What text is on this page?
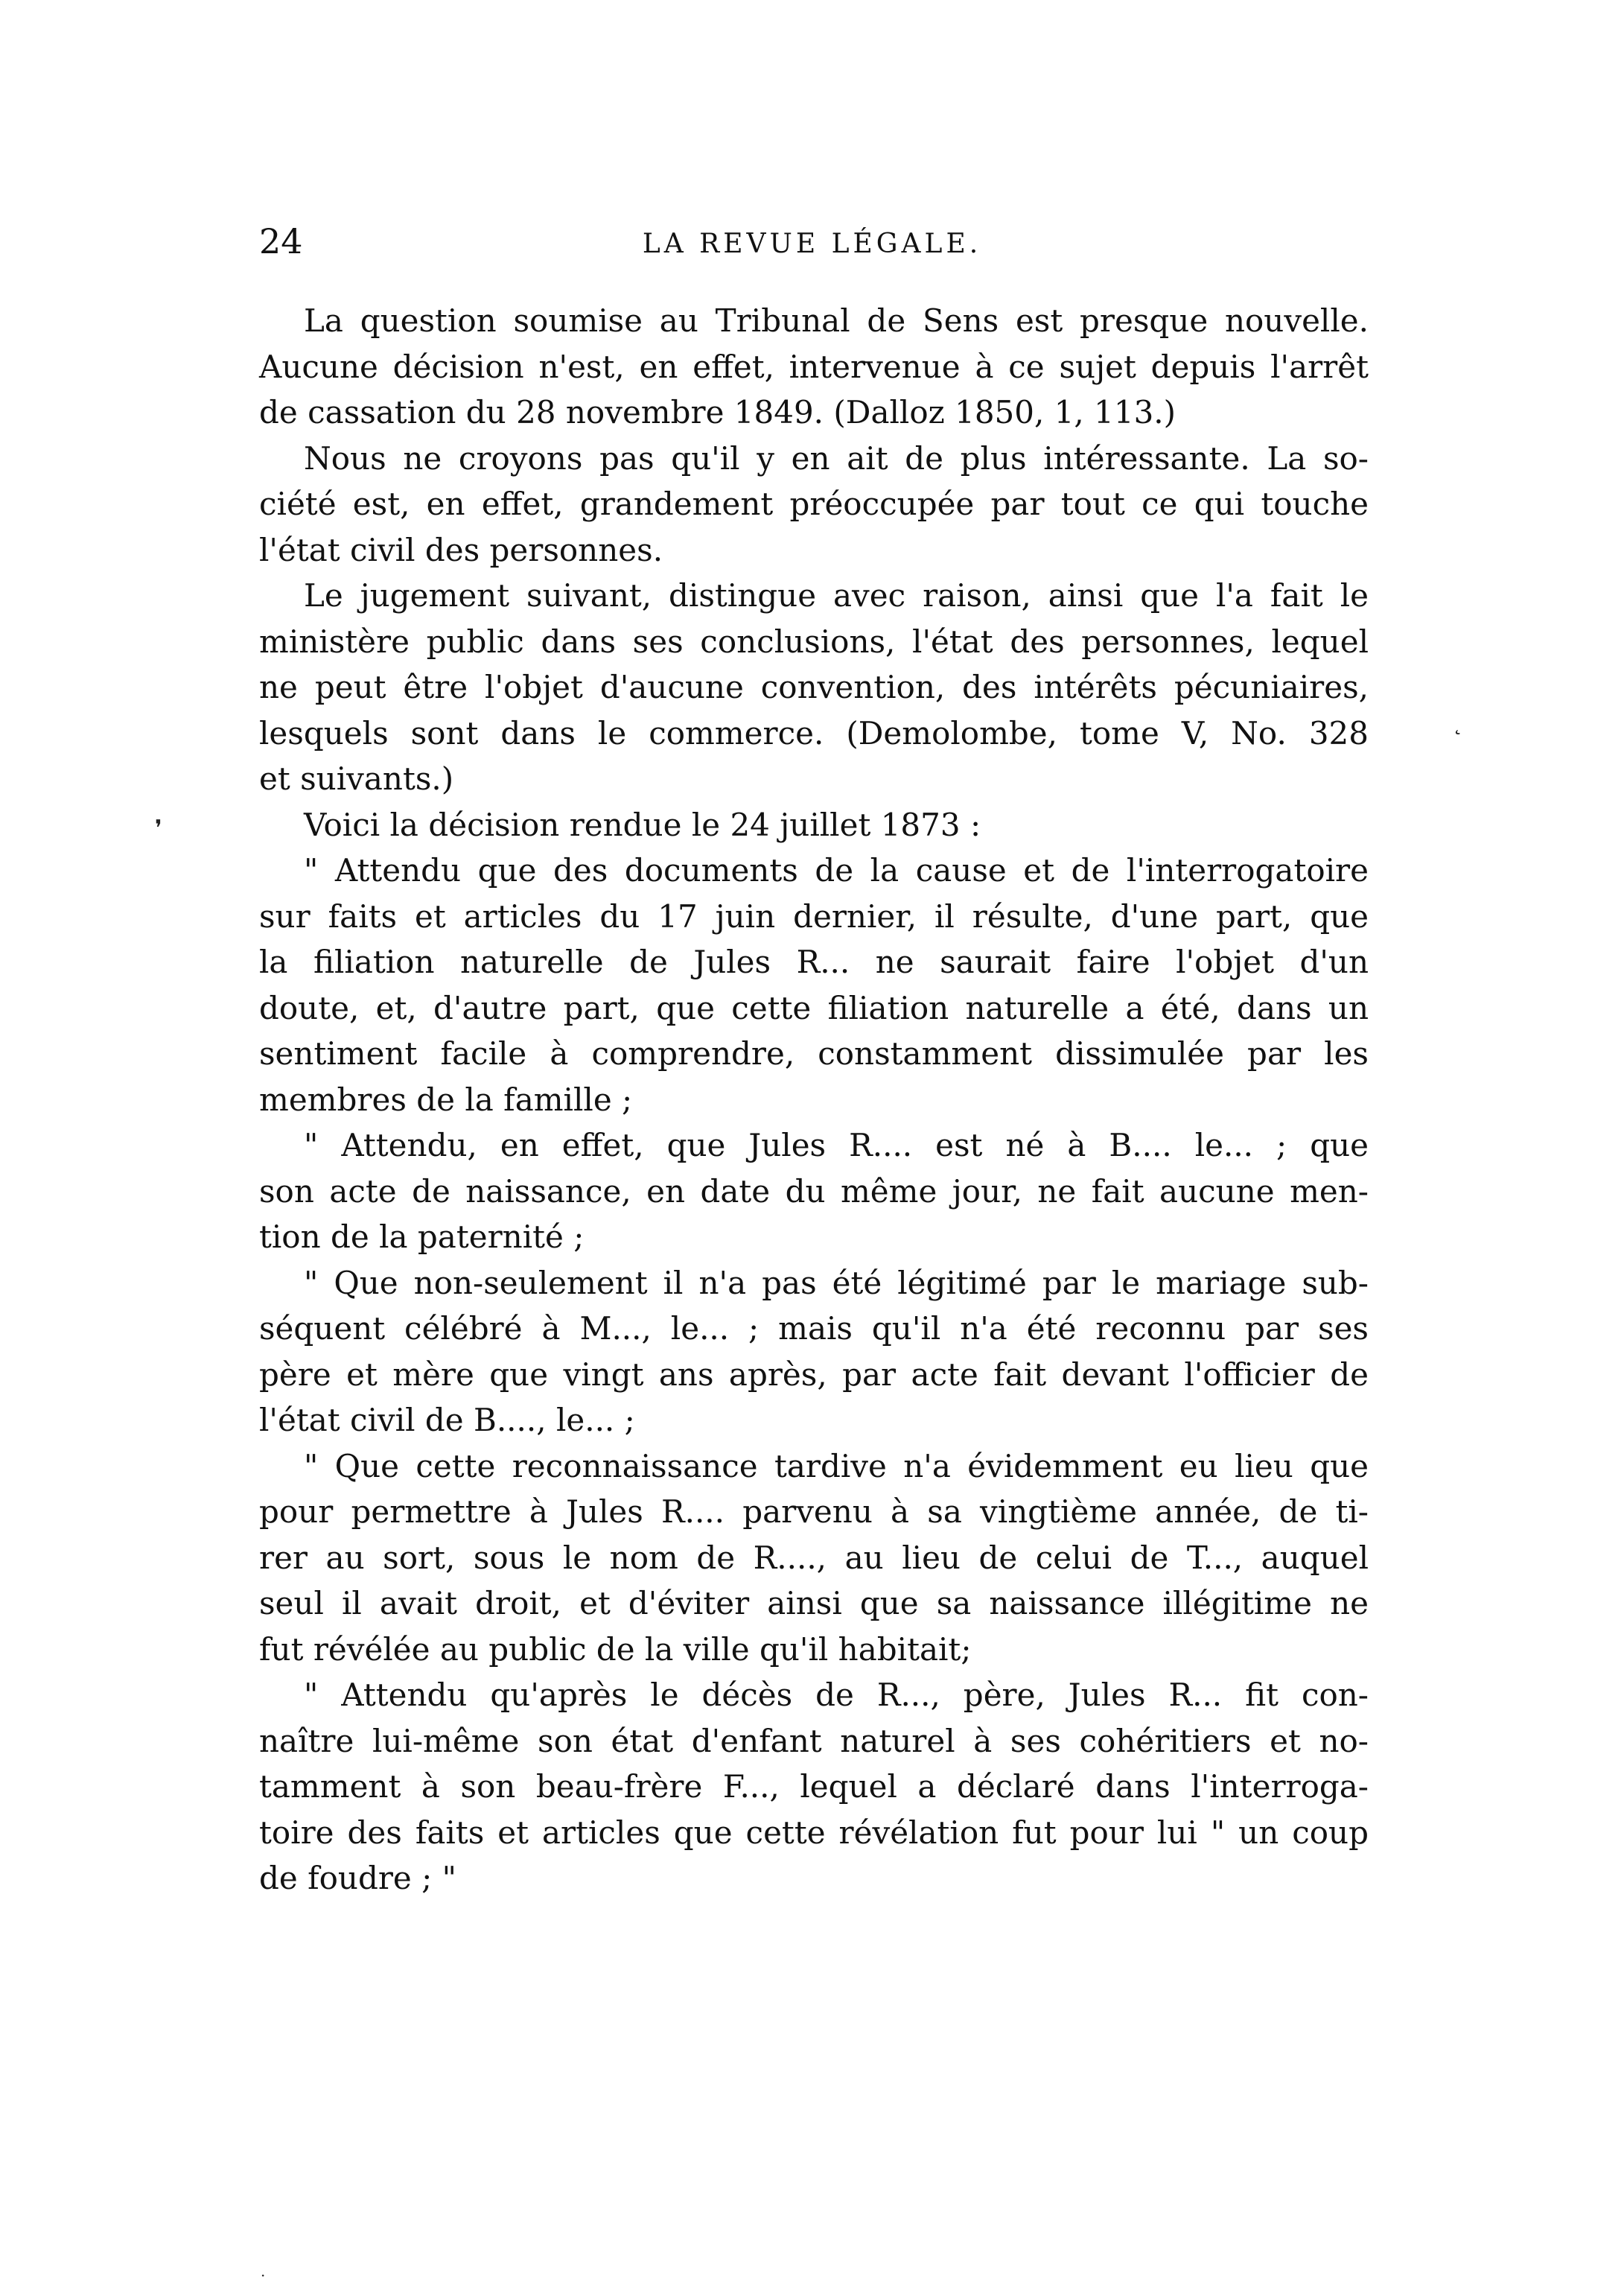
24	LA REVUE LÉGALE.
˛
❜
·
La question soumise au Tribunal de Sens est presque nouvelle.
Aucune décision n'est, en effet, intervenue à ce sujet depuis l'arrêt
de cassation du 28 novembre 1849. (Dalloz 1850, 1, 113.)
Nous ne croyons pas qu'il y en ait de plus intéressante. La so-
ciété est, en effet, grandement préoccupée par tout ce qui touche
l'état civil des personnes.
Le jugement suivant, distingue avec raison, ainsi que l'a fait le
ministère public dans ses conclusions, l'état des personnes, lequel
ne peut être l'objet d'aucune convention, des intérêts pécuniaires,
lesquels sont dans le commerce. (Demolombe, tome V, No. 328
et suivants.)
Voici la décision rendue le 24 juillet 1873 :
" Attendu que des documents de la cause et de l'interrogatoire
sur faits et articles du 17 juin dernier, il résulte, d'une part, que
la filiation naturelle de Jules R... ne saurait faire l'objet d'un
doute, et, d'autre part, que cette filiation naturelle a été, dans un
sentiment facile à comprendre, constamment dissimulée par les
membres de la famille ;
" Attendu, en effet, que Jules R.... est né à B.... le... ; que
son acte de naissance, en date du même jour, ne fait aucune men-
tion de la paternité ;
" Que non-seulement il n'a pas été légitimé par le mariage sub-
séquent célébré à M..., le... ; mais qu'il n'a été reconnu par ses
père et mère que vingt ans après, par acte fait devant l'officier de
l'état civil de B...., le... ;
" Que cette reconnaissance tardive n'a évidemment eu lieu que
pour permettre à Jules R.... parvenu à sa vingtième année, de ti-
rer au sort, sous le nom de R...., au lieu de celui de T..., auquel
seul il avait droit, et d'éviter ainsi que sa naissance illégitime ne
fut révélée au public de la ville qu'il habitait;
" Attendu qu'après le décès de R..., père, Jules R... fit con-
naître lui-même son état d'enfant naturel à ses cohéritiers et no-
tamment à son beau-frère F..., lequel a déclaré dans l'interroga-
toire des faits et articles que cette révélation fut pour lui " un coup
de foudre ; "
